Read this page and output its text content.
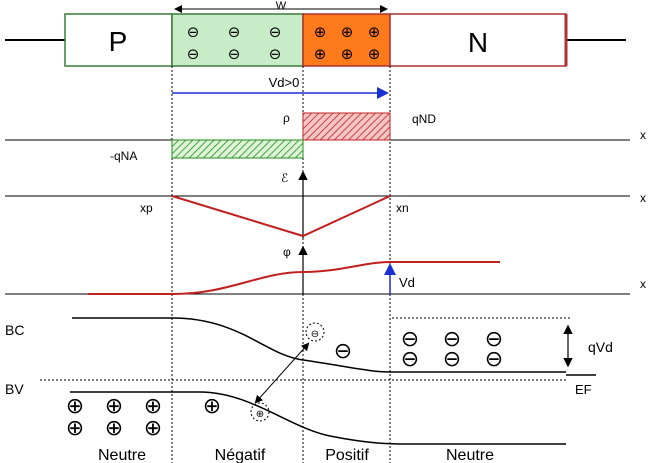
P	N
⊖ ⊖ ⊖
⊖ ⊖ ⊖
⊕ ⊕ ⊕
⊕ ⊕ ⊕
W
Vd>0
x
ρ	qND
-qNA
x
ℰ
xp	xn
x
φ
Vd
qVd
EF
BC
BV
⊖ ⊖ ⊖ ⊖
⊖ ⊖ ⊖
⊖
⊕ ⊕ ⊕
⊕ ⊕ ⊕
⊕	⊕
Neutre	Négatif	Positif	Neutre
